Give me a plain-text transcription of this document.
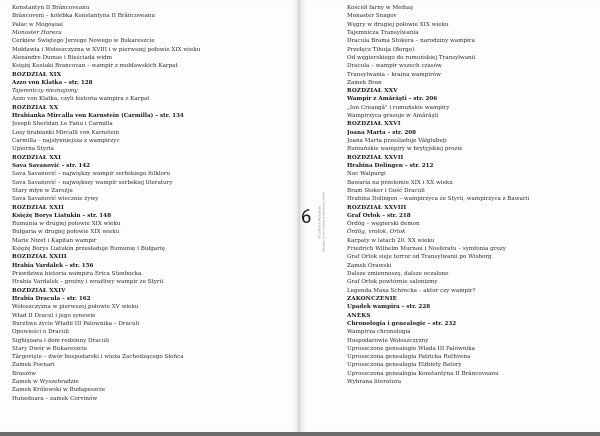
Konstantyn II Brâncoveanu
Brâncoveni – kolebka Konstantyna II Brâncoveanu
Pałac w Mogoşoai
Monaster Horezu
Cerkiew Świętego Jerzego Nowego w Bukareszcie
Mołdawia i Wołoszczyzna w XVIII i w pierwszej połowie XIX wieku
Alexandre Dumas i Bieściada widm
Księżę Kostaki Brancovan – wampir z mołdawskich Karpat
ROZDZIAŁ XIX
Azzo von Klatka – str. 128
Tajemniczy nieznajomy
Azzo von Klatka, czyli historia wampira z Karpat
ROZDZIAŁ XX
Hrabianka Mircalla von Karnstein (Carmilla) – str. 134
Joseph Sheridan Le Fanu i Carmilla
Losy hrabianki Mircalli von Karnstein
Carmilla – najsłynniejsza z wampirzyc
Upiorna Styria
ROZDZIAŁ XXI
Sava Savanović – str. 142
Sava Savanović – najwiękzy wampir serbskiego folkloru
Sava Savanović – największy wampir serbskiej literatury
Stary młyn w Zarożju
Sava Savanović wiecznie żywy
ROZDZIAŁ XXII
Księżę Borys Liatukin – str. 148
Rumunia w drugiej połowie XIX wieku
Bułgaria w drugiej połowie XIX wieku
Marie Nizet i Kapitan wampir
Księżę Borys Liatukin przesładuje Rumunię i Bułgarię
ROZDZIAŁ XXIII
Hrabia Vardalek – str. 156
Prawdziwa historia wampira Erica Stenbocka
Hrabia Vardalek – groźny i wraźliwy wampir ze Styrii
ROZDZIAŁ XXIV
Hrabia Dracula – str. 162
Wołoszczyzna w pierwszej połowie XV wieku
Wład II Dracul i jego synowie
Burzliwe życie Władii III Palownika – Draculi
Opowieści o Draculi
Sighişoara i dom rodzinny Draculi
Stary Dwór w Bukareszcie
Târgovişte – dwór hospodarski i wieża Zachodzącego Słońca
Zamek Poenari
Braszów
Zamek w Wyszehradzie
Zamek Królewski w Budapeszcie
Hunedoara – zamek Corvinów
Kościół farny w Mediaş
Monaster Snagov
Węgry w drugiej połowie XIX wieku
Tajemnicza Transylwania
Dracula Brama Stokera – narodziny wampira
Przełęcz Tihuţa (Borgo)
Od węgierskiego do rumuńskiej Transylwanii
Dracula – wampir wszech czasów
Transylwania – kraina wampirów
Zamek Bran
ROZDZIAŁ XXV
Wampir z Amărăşti – str. 206
„Ion Creangă" i rumuńskie wampiry
Wampirzyca grasuje w Amărăşti
ROZDZIAŁ XXVI
Joana Marta – str. 208
Joana Marta prześladuje Vâlgiubeţi
Rumuńskie wampiry w brytyjskiej prozie
ROZDZIAŁ XXVII
Hrabina Dolingen – str. 212
Noc Walpurgi
Bawaria na przełomie XIX i XX wieku
Bram Stoker i Gość Draculi
Hrabina Dolingen – wampirzyca ze Styrii, wampirzyca z Bawarii
ROZDZIAŁ XXVIII
Graf Orlok – str. 218
Ördög – węgierski demon
Ördög, vrolok, Orlok
Karpaty w latach 20. XX wieku
Friedrich Wilhelm Murnau i Nosferatu – symfonia grozy
Graf Orlok sieje terror od Transylwanii po Wisborg
Zamek Orawski
Dalsze zmiennoszę, dalsze oczalone
Graf Orlok powtórnie salonizmy
Legenda Maxa Schrecka – aktor czy wampir?
ZAKOŃCZENIE
Upadek wampira – str. 228
ANEKS
Chronologia i genealogie – str. 232
Wampirza chronologia
Hospodarowie Wołoszczyzny
Uproszczone genealogie Włada III Palownika
Uproszczona genealogia Patricka Ruthvena
Uproszczona genealogia Elżbiety Batory
Uproszczona genealogia Konstantyna II Brâncoveanu
Wybrana literatura
W ŚLADACH PRZYJACIÓŁ Wampiry ze wsi i Karpat w literaturze i filmie
